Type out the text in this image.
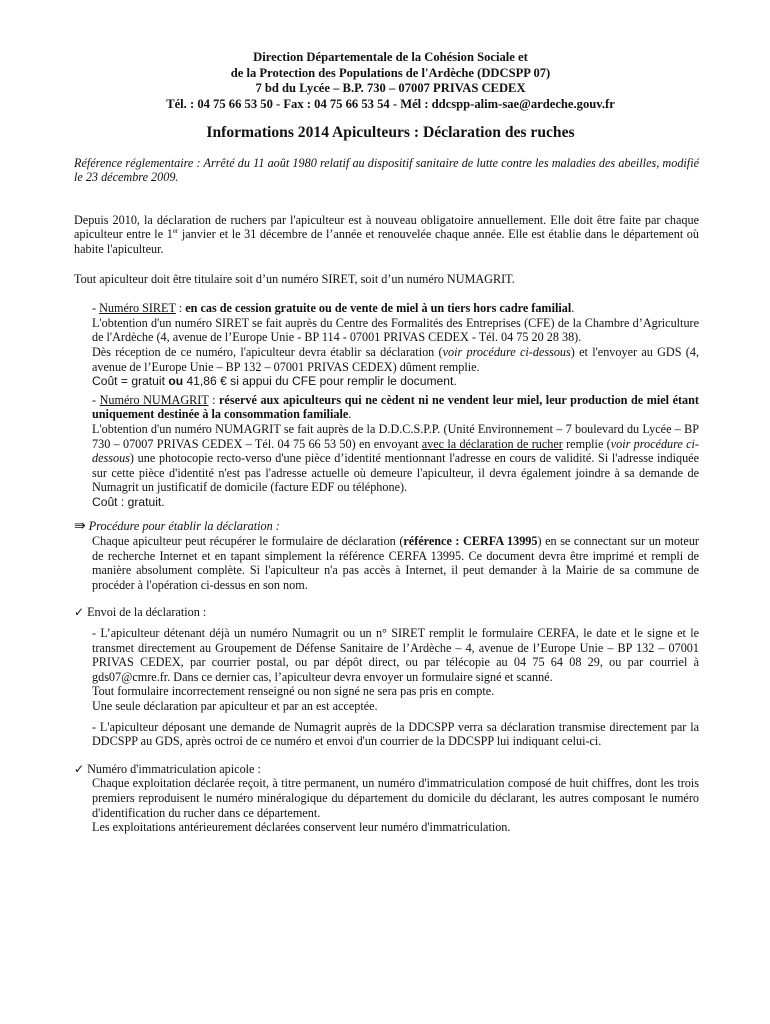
Direction Départementale de la Cohésion Sociale et
de la Protection des Populations de l'Ardèche (DDCSPP 07)
7 bd du Lycée – B.P. 730 – 07007 PRIVAS CEDEX
Tél. : 04 75 66 53 50 - Fax : 04 75 66 53 54 - Mél : ddcspp-alim-sae@ardeche.gouv.fr
Informations 2014 Apiculteurs : Déclaration des ruches

Référence réglementaire : Arrêté du 11 août 1980 relatif au dispositif sanitaire de lutte contre les maladies des abeilles, modifié le 23 décembre 2009.

Depuis 2010, la déclaration de ruchers par l'apiculteur est à nouveau obligatoire annuellement. Elle doit être faite par chaque apiculteur entre le 1er janvier et le 31 décembre de l’année et renouvelée chaque année. Elle est établie dans le département où habite l'apiculteur.

Tout apiculteur doit être titulaire soit d’un numéro SIRET, soit d’un numéro NUMAGRIT.

- Numéro SIRET : en cas de cession gratuite ou de vente de miel à un tiers hors cadre familial.

L'obtention d'un numéro SIRET se fait auprès du Centre des Formalités des Entreprises (CFE) de la Chambre d’Agriculture de l'Ardèche (4, avenue de l’Europe Unie - BP 114 - 07001 PRIVAS CEDEX - Tél. 04 75 20 28 38).

Dès réception de ce numéro, l'apiculteur devra établir sa déclaration (voir procédure ci-dessous) et l'envoyer au GDS (4, avenue de l’Europe Unie – BP 132 – 07001 PRIVAS CEDEX) dûment remplie.

Coût = gratuit ou 41,86 € si appui du CFE pour remplir le document.

- Numéro NUMAGRIT : réservé aux apiculteurs qui ne cèdent ni ne vendent leur miel, leur production de miel étant uniquement destinée à la consommation familiale.

L'obtention d'un numéro NUMAGRIT se fait auprès de la D.D.C.S.P.P. (Unité Environnement – 7 boulevard du Lycée – BP 730 – 07007 PRIVAS CEDEX – Tél. 04 75 66 53 50) en envoyant avec la déclaration de rucher remplie (voir procédure ci-dessous) une photocopie recto-verso d'une pièce d’identité mentionnant l'adresse en cours de validité. Si l'adresse indiquée sur cette pièce d'identité n'est pas l'adresse actuelle où demeure l'apiculteur, il devra également joindre à sa demande de Numagrit un justificatif de domicile (facture EDF ou téléphone).

Coût : gratuit.

⇛ Procédure pour établir la déclaration :

Chaque apiculteur peut récupérer le formulaire de déclaration (référence : CERFA 13995) en se connectant sur un moteur de recherche Internet et en tapant simplement la référence CERFA 13995. Ce document devra être imprimé et rempli de manière absolument complète. Si l'apiculteur n'a pas accès à Internet, il peut demander à la Mairie de sa commune de procéder à l'opération ci-dessus en son nom.

✓ Envoi de la déclaration :

- L’apiculteur détenant déjà un numéro Numagrit ou un n° SIRET remplit le formulaire CERFA, le date et le signe et le transmet directement au Groupement de Défense Sanitaire de l’Ardèche – 4, avenue de l’Europe Unie – BP 132 – 07001 PRIVAS CEDEX, par courrier postal, ou par dépôt direct, ou par télécopie au 04 75 64 08 29, ou par courriel à gds07@cmre.fr. Dans ce dernier cas, l’apiculteur devra envoyer un formulaire signé et scanné.

Tout formulaire incorrectement renseigné ou non signé ne sera pas pris en compte.

Une seule déclaration par apiculteur et par an est acceptée.

- L'apiculteur déposant une demande de Numagrit auprès de la DDCSPP verra sa déclaration transmise directement par la DDCSPP au GDS, après octroi de ce numéro et envoi d'un courrier de la DDCSPP lui indiquant celui-ci.

✓ Numéro d'immatriculation apicole :

Chaque exploitation déclarée reçoit, à titre permanent, un numéro d'immatriculation composé de huit chiffres, dont les trois premiers reproduisent le numéro minéralogique du département du domicile du déclarant, les autres composant le numéro d'identification du rucher dans ce département.

Les exploitations antérieurement déclarées conservent leur numéro d'immatriculation.
